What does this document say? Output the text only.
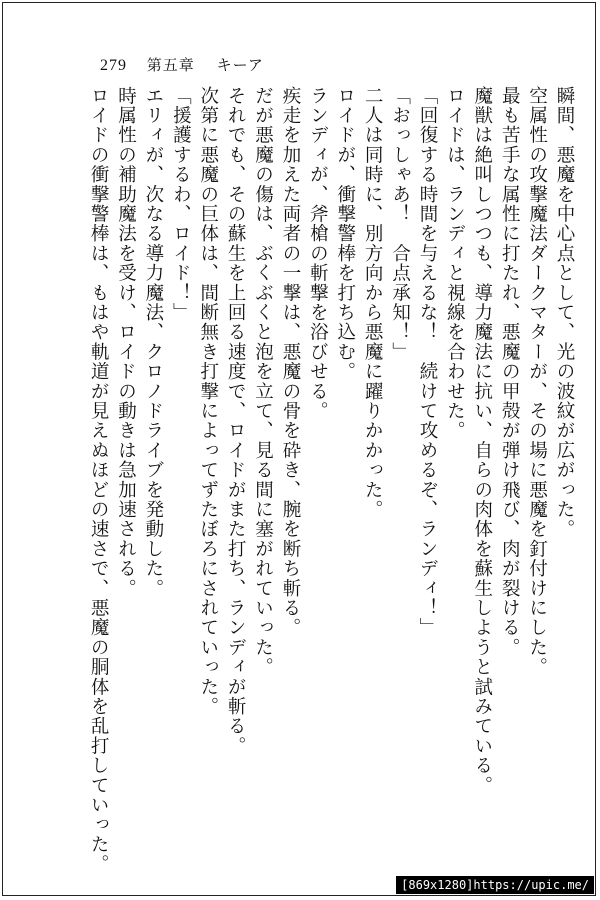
279 第五章 キーア
瞬間、悪魔を中心点として、光の波紋が広がった。
空属性の攻撃魔法ダークマターが、その場に悪魔を釘付けにした。
最も苦手な属性に打たれ、悪魔の甲殻が弾け飛び、肉が裂ける。
魔獣は絶叫しつつも、導力魔法に抗い、自らの肉体を蘇生しようと試みている。
ロイドは、ランディと視線を合わせた。
「回復する時間を与えるな！　続けて攻めるぞ、ランディ！」
「おっしゃあ！　合点承知！」
二人は同時に、別方向から悪魔に躍りかかった。
ロイドが、衝撃警棒を打ち込む。
ランディが、斧槍の斬撃を浴びせる。
疾走を加えた両者の一撃は、悪魔の骨を砕き、腕を断ち斬る。
だが悪魔の傷は、ぶくぶくと泡を立て、見る間に塞がれていった。
それでも、その蘇生を上回る速度で、ロイドがまた打ち、ランディが斬る。
次第に悪魔の巨体は、間断無き打撃によってずたぼろにされていった。
「援護するわ、ロイド！」
エリィが、次なる導力魔法、クロノドライブを発動した。
時属性の補助魔法を受け、ロイドの動きは急加速される。
ロイドの衝撃警棒は、もはや軌道が見えぬほどの速さで、悪魔の胴体を乱打していった。
[869x1280]https://upic.me/
